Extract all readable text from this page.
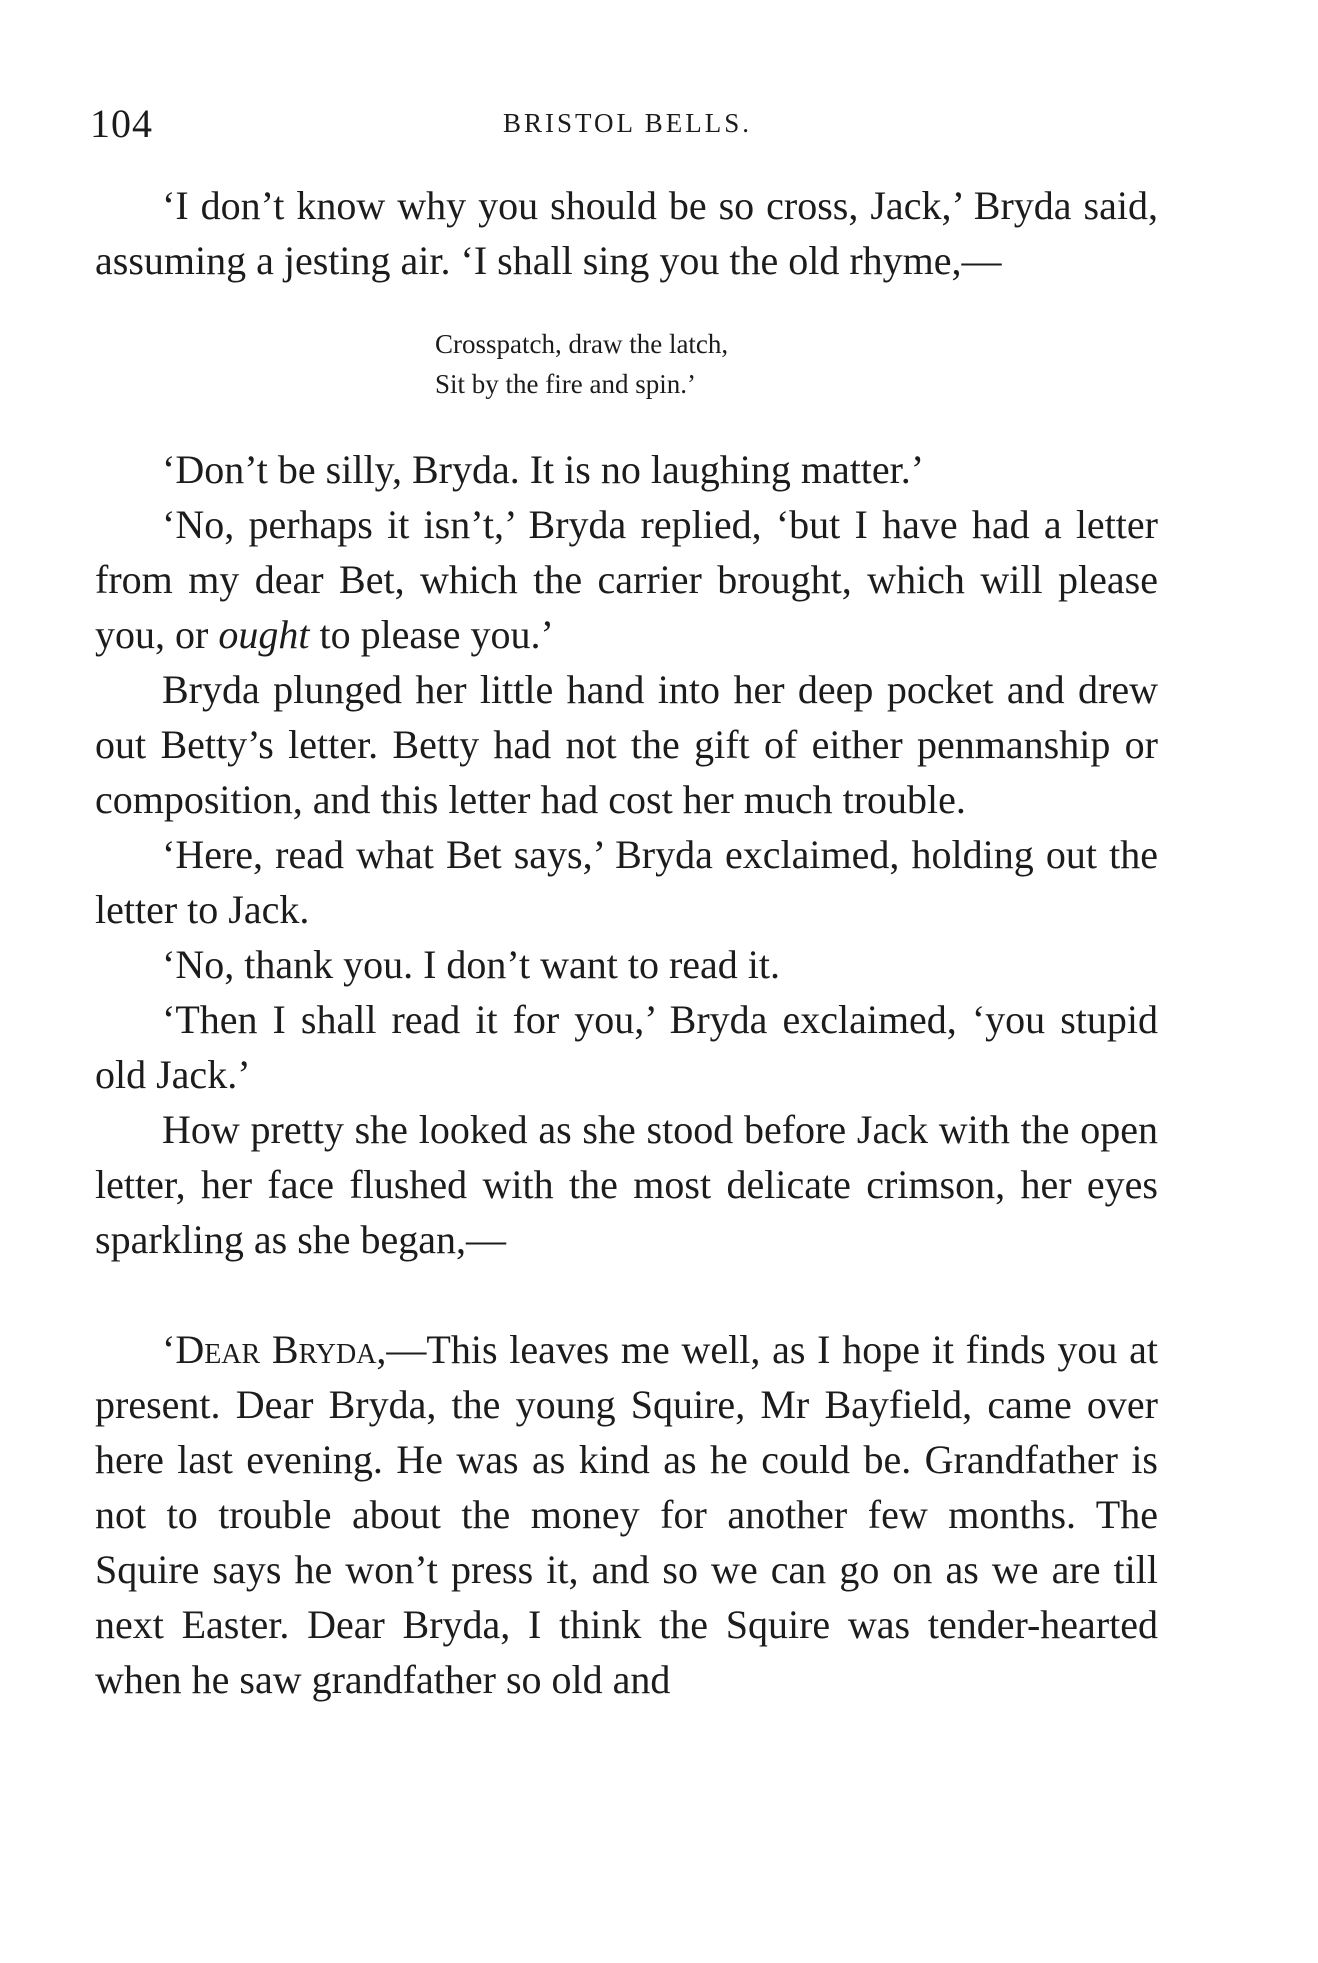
104	BRISTOL BELLS.

‘I don’t know why you should be so cross, Jack,’ Bryda said, assuming a jesting air. ‘I shall sing you the old rhyme,—

Crosspatch, draw the latch,
Sit by the fire and spin.’

‘Don’t be silly, Bryda. It is no laughing matter.’

‘No, perhaps it isn’t,’ Bryda replied, ‘but I have had a letter from my dear Bet, which the carrier brought, which will please you, or ought to please you.’

Bryda plunged her little hand into her deep pocket and drew out Betty’s letter. Betty had not the gift of either penmanship or composition, and this letter had cost her much trouble.

‘Here, read what Bet says,’ Bryda exclaimed, holding out the letter to Jack.

‘No, thank you. I don’t want to read it.

‘Then I shall read it for you,’ Bryda exclaimed, ‘you stupid old Jack.’

How pretty she looked as she stood before Jack with the open letter, her face flushed with the most delicate crimson, her eyes sparkling as she began,—

‘Dear Bryda,—This leaves me well, as I hope it finds you at present. Dear Bryda, the young Squire, Mr Bayfield, came over here last evening. He was as kind as he could be. Grandfather is not to trouble about the money for another few months. The Squire says he won’t press it, and so we can go on as we are till next Easter. Dear Bryda, I think the Squire was tender-hearted when he saw grandfather so old and
